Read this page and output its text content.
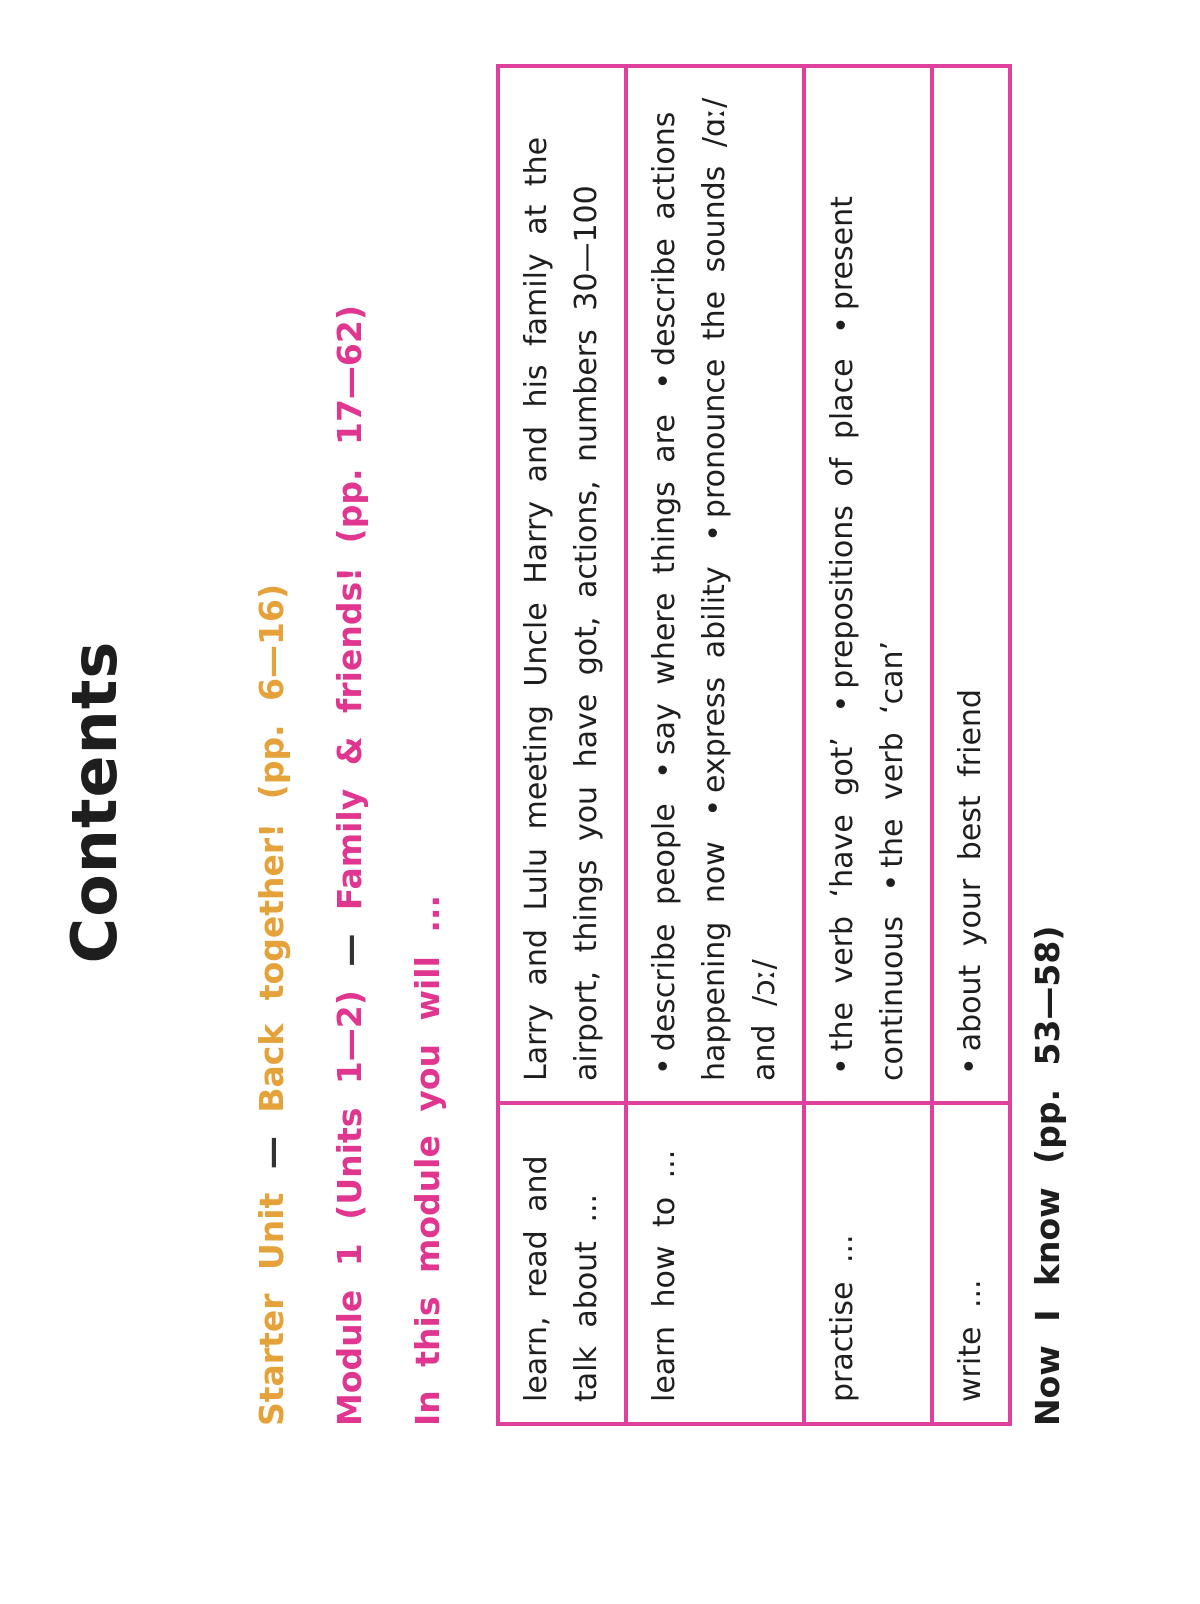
Contents
Starter Unit — Back together! (pp. 6—16)
Module 1 (Units 1—2) — Family & friends! (pp. 17—62)
In this module you will ... learn, read and talk about ...	Larry and Lulu meeting Uncle Harry and his family at the airport, things you have got, actions, numbers 30—100
learn how to ...	•describe people •say where things are •describe actions happening now •express ability •pronounce the sounds /ɑː/ and /ɔː/
practise ...	•the verb ‘have got’ •prepositions of place •present continuous •the verb ‘can’
write ...	•about your best friend
Now I know (pp. 53—58)
